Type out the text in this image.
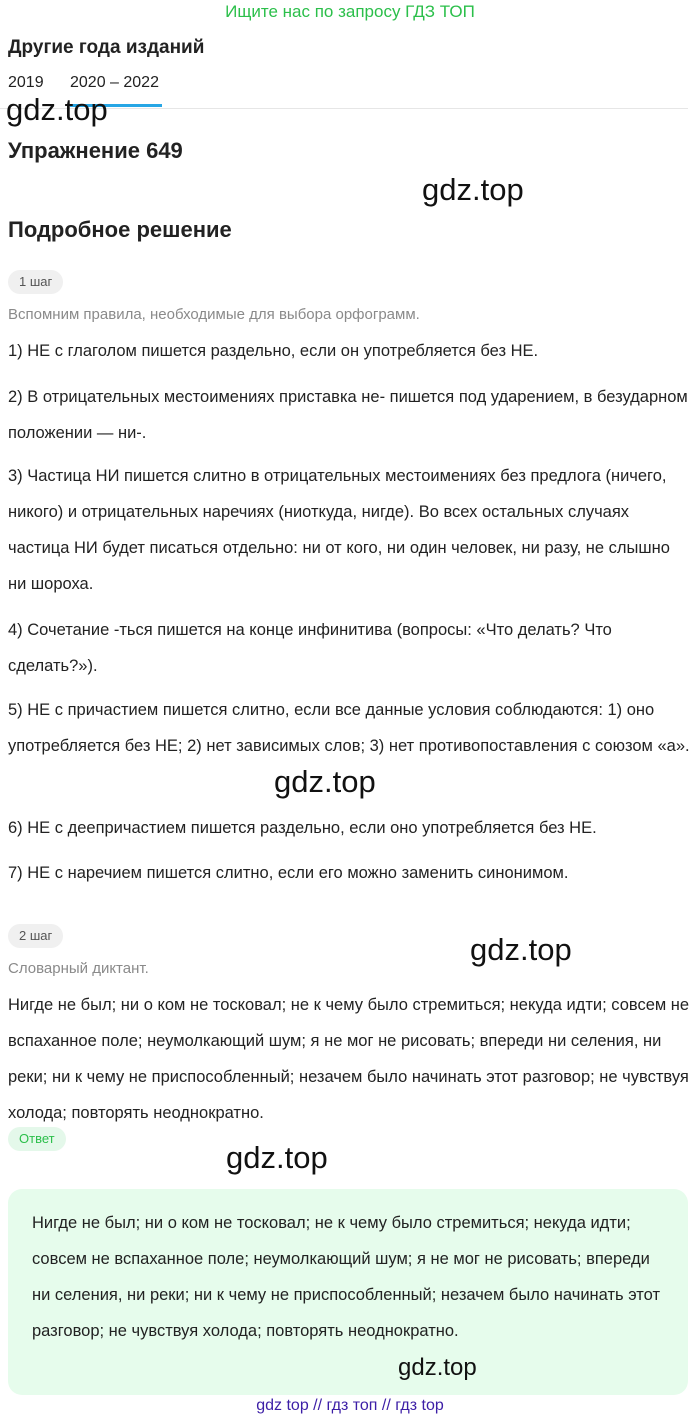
Ищите нас по запросу ГДЗ ТОП
Другие года изданий
2019 2020 – 2022
gdz.top
Упражнение 649
gdz.top
Подробное решение
1 шаг
Вспомним правила, необходимые для выбора орфограмм.
1) НЕ с глаголом пишется раздельно, если он употребляется без НЕ.
2) В отрицательных местоимениях приставка не- пишется под ударением, в безударном положении — ни-.
3) Частица НИ пишется слитно в отрицательных местоимениях без предлога (ничего, никого) и отрицательных наречиях (ниоткуда, нигде). Во всех остальных случаях частица НИ будет писаться отдельно: ни от кого, ни один человек, ни разу, не слышно ни шороха.
4) Сочетание -ться пишется на конце инфинитива (вопросы: «Что делать? Что сделать?»).
5) НЕ с причастием пишется слитно, если все данные условия соблюдаются: 1) оно употребляется без НЕ; 2) нет зависимых слов; 3) нет противопоставления с союзом «а».
gdz.top
6) НЕ с деепричастием пишется раздельно, если оно употребляется без НЕ.
7) НЕ с наречием пишется слитно, если его можно заменить синонимом.
2 шаг	gdz.top
Словарный диктант.
Нигде не был; ни о ком не тосковал; не к чему было стремиться; некуда идти; совсем не вспаханное поле; неумолкающий шум; я не мог не рисовать; впереди ни селения, ни реки; ни к чему не приспособленный; незачем было начинать этот разговор; не чувствуя холода; повторять неоднократно.
Ответ
gdz.top
Нигде не был; ни о ком не тосковал; не к чему было стремиться; некуда идти; совсем не вспаханное поле; неумолкающий шум; я не мог не рисовать; впереди ни селения, ни реки; ни к чему не приспособленный; незачем было начинать этот разговор; не чувствуя холода; повторять неоднократно.
gdz.top
gdz top // гдз топ // гдз top
